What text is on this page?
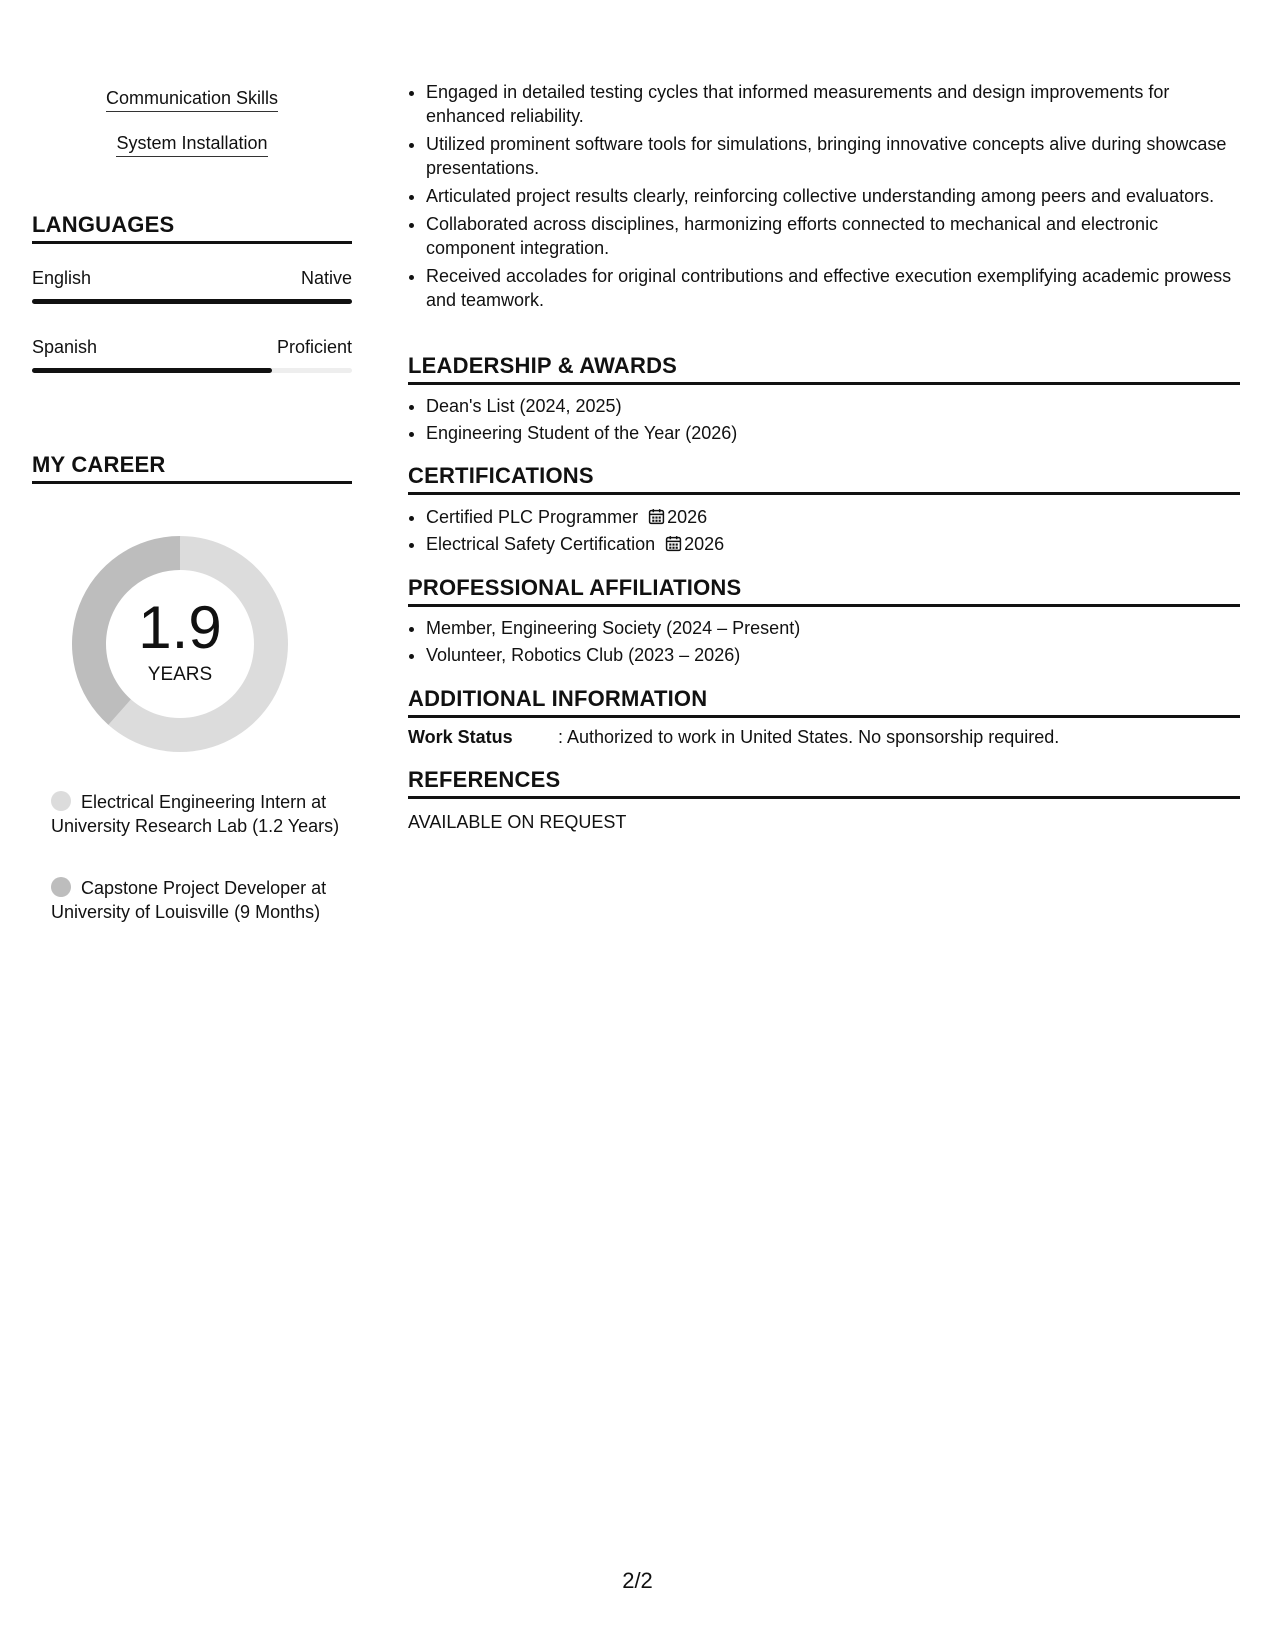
Communication Skills
System Installation
LANGUAGES
English	Native
Spanish	Proficient
MY CAREER
1.9
YEARS
Electrical Engineering Intern at University Research Lab (1.2 Years)
Capstone Project Developer at University of Louisville (9 Months)
• Engaged in detailed testing cycles that informed measurements and design improvements for enhanced reliability.
• Utilized prominent software tools for simulations, bringing innovative concepts alive during showcase presentations.
• Articulated project results clearly, reinforcing collective understanding among peers and evaluators.
• Collaborated across disciplines, harmonizing efforts connected to mechanical and electronic component integration.
• Received accolades for original contributions and effective execution exemplifying academic prowess and teamwork.
LEADERSHIP & AWARDS
• Dean's List (2024, 2025)
• Engineering Student of the Year (2026)
CERTIFICATIONS
• Certified PLC Programmer 2026
• Electrical Safety Certification 2026
PROFESSIONAL AFFILIATIONS
• Member, Engineering Society (2024 – Present)
• Volunteer, Robotics Club (2023 – 2026)
ADDITIONAL INFORMATION
Work Status	: Authorized to work in United States. No sponsorship required.
REFERENCES
AVAILABLE ON REQUEST
2/2
